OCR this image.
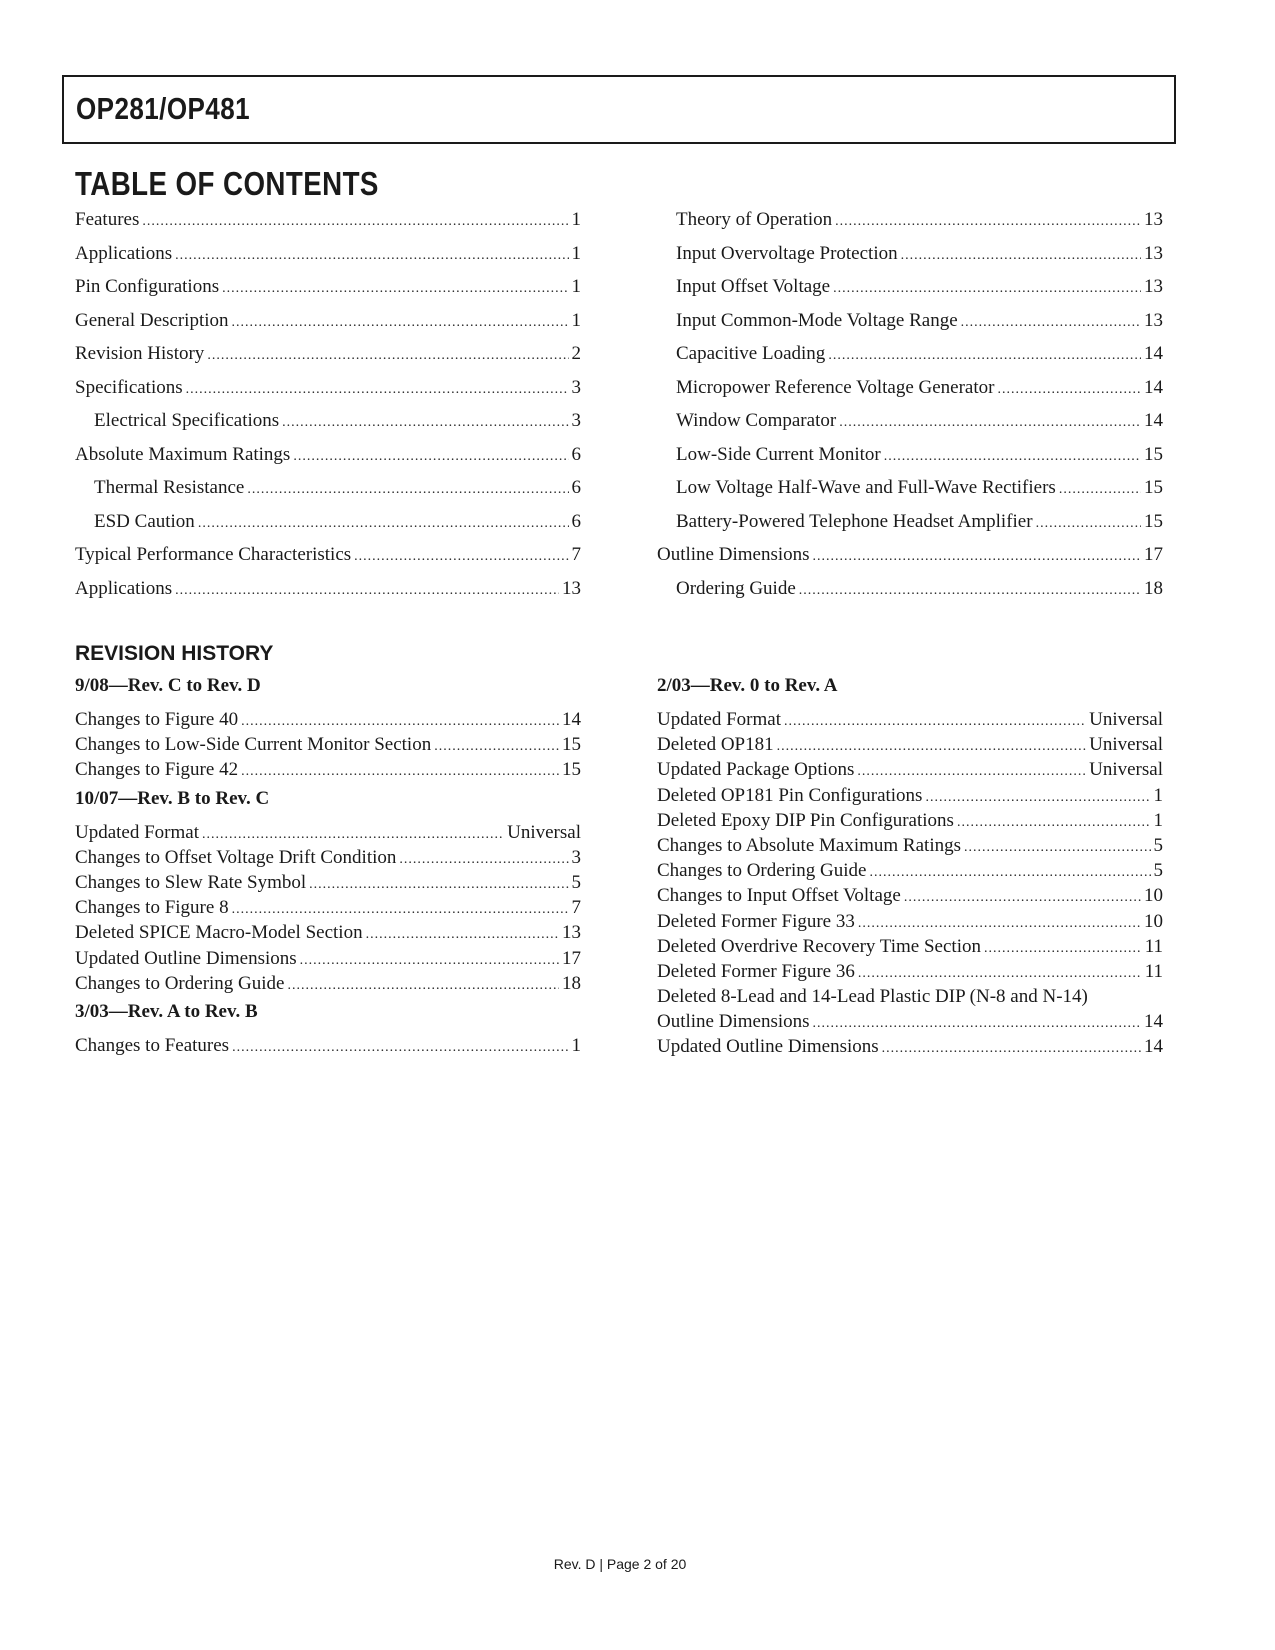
OP281/OP481
TABLE OF CONTENTS
Features .....	1
Applications .....	1
Pin Configurations .....	1
General Description .....	1
Revision History .....	2
Specifications .....	3
Electrical Specifications .....	3
Absolute Maximum Ratings .....	6
Thermal Resistance .....	6
ESD Caution .....	6
Typical Performance Characteristics .....	7
Applications .....	13
Theory of Operation .....	13
Input Overvoltage Protection .....	13
Input Offset Voltage .....	13
Input Common-Mode Voltage Range .....	13
Capacitive Loading .....	14
Micropower Reference Voltage Generator .....	14
Window Comparator .....	14
Low-Side Current Monitor .....	15
Low Voltage Half-Wave and Full-Wave Rectifiers .....	15
Battery-Powered Telephone Headset Amplifier .....	15
Outline Dimensions .....	17
Ordering Guide .....	18
REVISION HISTORY
9/08—Rev. C to Rev. D
Changes to Figure 40 .....	14
Changes to Low-Side Current Monitor Section .....	15
Changes to Figure 42 .....	15
10/07—Rev. B to Rev. C
Updated Format .....	Universal
Changes to Offset Voltage Drift Condition .....	3
Changes to Slew Rate Symbol .....	5
Changes to Figure 8 .....	7
Deleted SPICE Macro-Model Section .....	13
Updated Outline Dimensions .....	17
Changes to Ordering Guide .....	18
3/03—Rev. A to Rev. B
Changes to Features .....	1
2/03—Rev. 0 to Rev. A
Updated Format .....	Universal
Deleted OP181 .....	Universal
Updated Package Options .....	Universal
Deleted OP181 Pin Configurations .....	1
Deleted Epoxy DIP Pin Configurations .....	1
Changes to Absolute Maximum Ratings .....	5
Changes to Ordering Guide .....	5
Changes to Input Offset Voltage .....	10
Deleted Former Figure 33 .....	10
Deleted Overdrive Recovery Time Section .....	11
Deleted Former Figure 36 .....	11
Deleted 8-Lead and 14-Lead Plastic DIP (N-8 and N-14)
Outline Dimensions .....	14
Updated Outline Dimensions .....	14
Rev. D | Page 2 of 20
